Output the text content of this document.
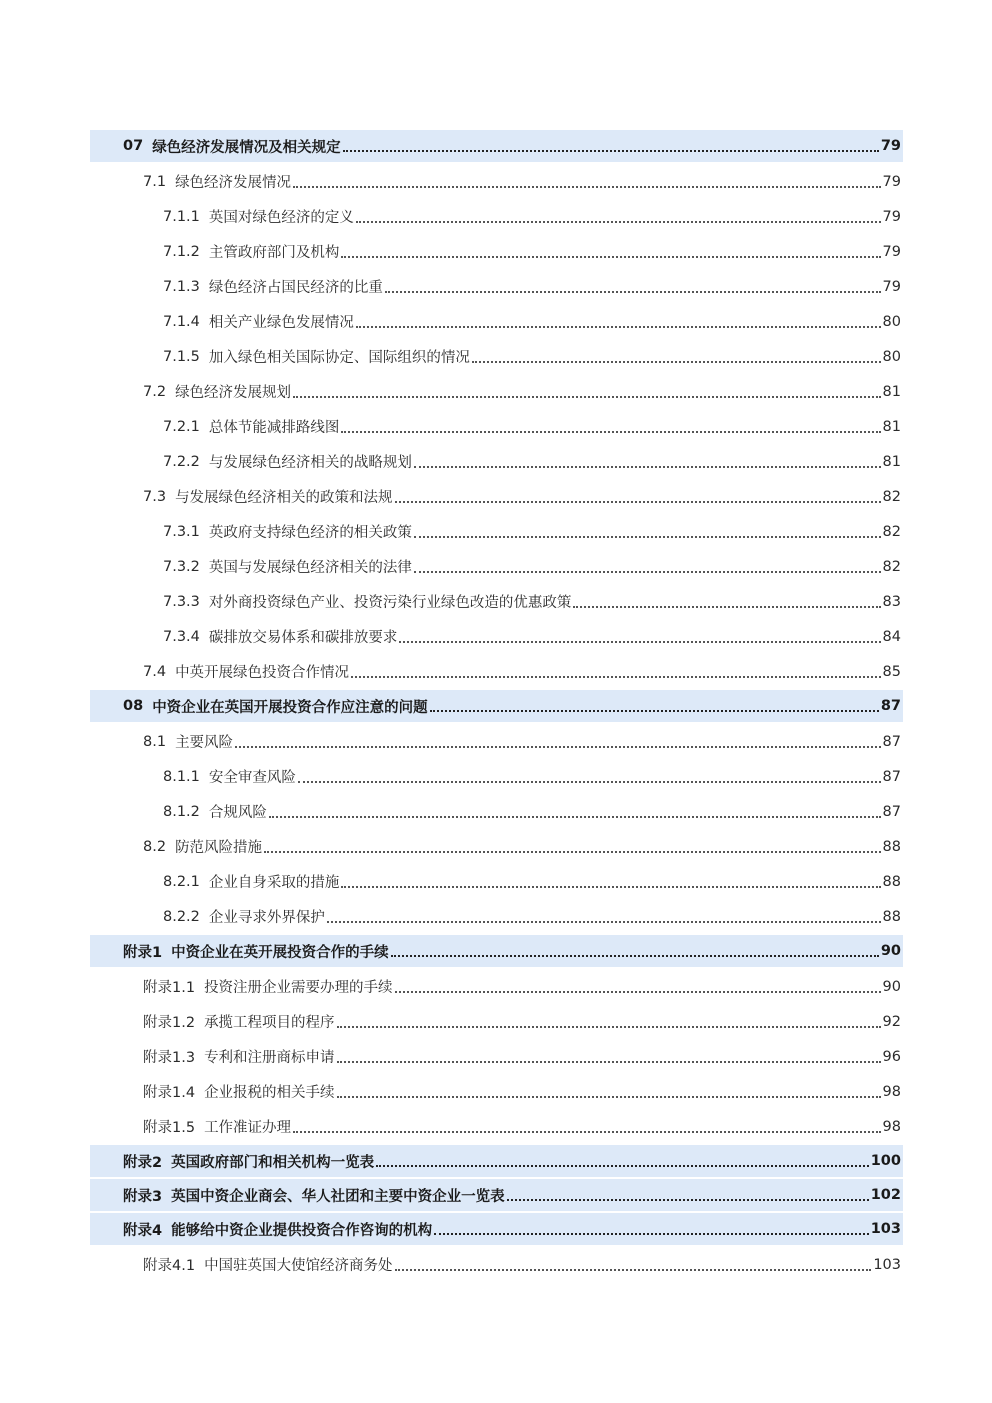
07 绿色经济发展情况及相关规定	79
7.1 绿色经济发展情况	79
7.1.1 英国对绿色经济的定义	79
7.1.2 主管政府部门及机构	79
7.1.3 绿色经济占国民经济的比重	79
7.1.4 相关产业绿色发展情况	80
7.1.5 加入绿色相关国际协定、国际组织的情况	80
7.2 绿色经济发展规划	81
7.2.1 总体节能减排路线图	81
7.2.2 与发展绿色经济相关的战略规划	81
7.3 与发展绿色经济相关的政策和法规	82
7.3.1 英政府支持绿色经济的相关政策	82
7.3.2 英国与发展绿色经济相关的法律	82
7.3.3 对外商投资绿色产业、投资污染行业绿色改造的优惠政策	83
7.3.4 碳排放交易体系和碳排放要求	84
7.4 中英开展绿色投资合作情况	85
08 中资企业在英国开展投资合作应注意的问题	87
8.1 主要风险	87
8.1.1 安全审查风险	87
8.1.2 合规风险	87
8.2 防范风险措施	88
8.2.1 企业自身采取的措施	88
8.2.2 企业寻求外界保护	88
附录1 中资企业在英开展投资合作的手续	90
附录1.1 投资注册企业需要办理的手续	90
附录1.2 承揽工程项目的程序	92
附录1.3 专利和注册商标申请	96
附录1.4 企业报税的相关手续	98
附录1.5 工作准证办理	98
附录2 英国政府部门和相关机构一览表	100
附录3 英国中资企业商会、华人社团和主要中资企业一览表	102
附录4 能够给中资企业提供投资合作咨询的机构	103
附录4.1 中国驻英国大使馆经济商务处	103
